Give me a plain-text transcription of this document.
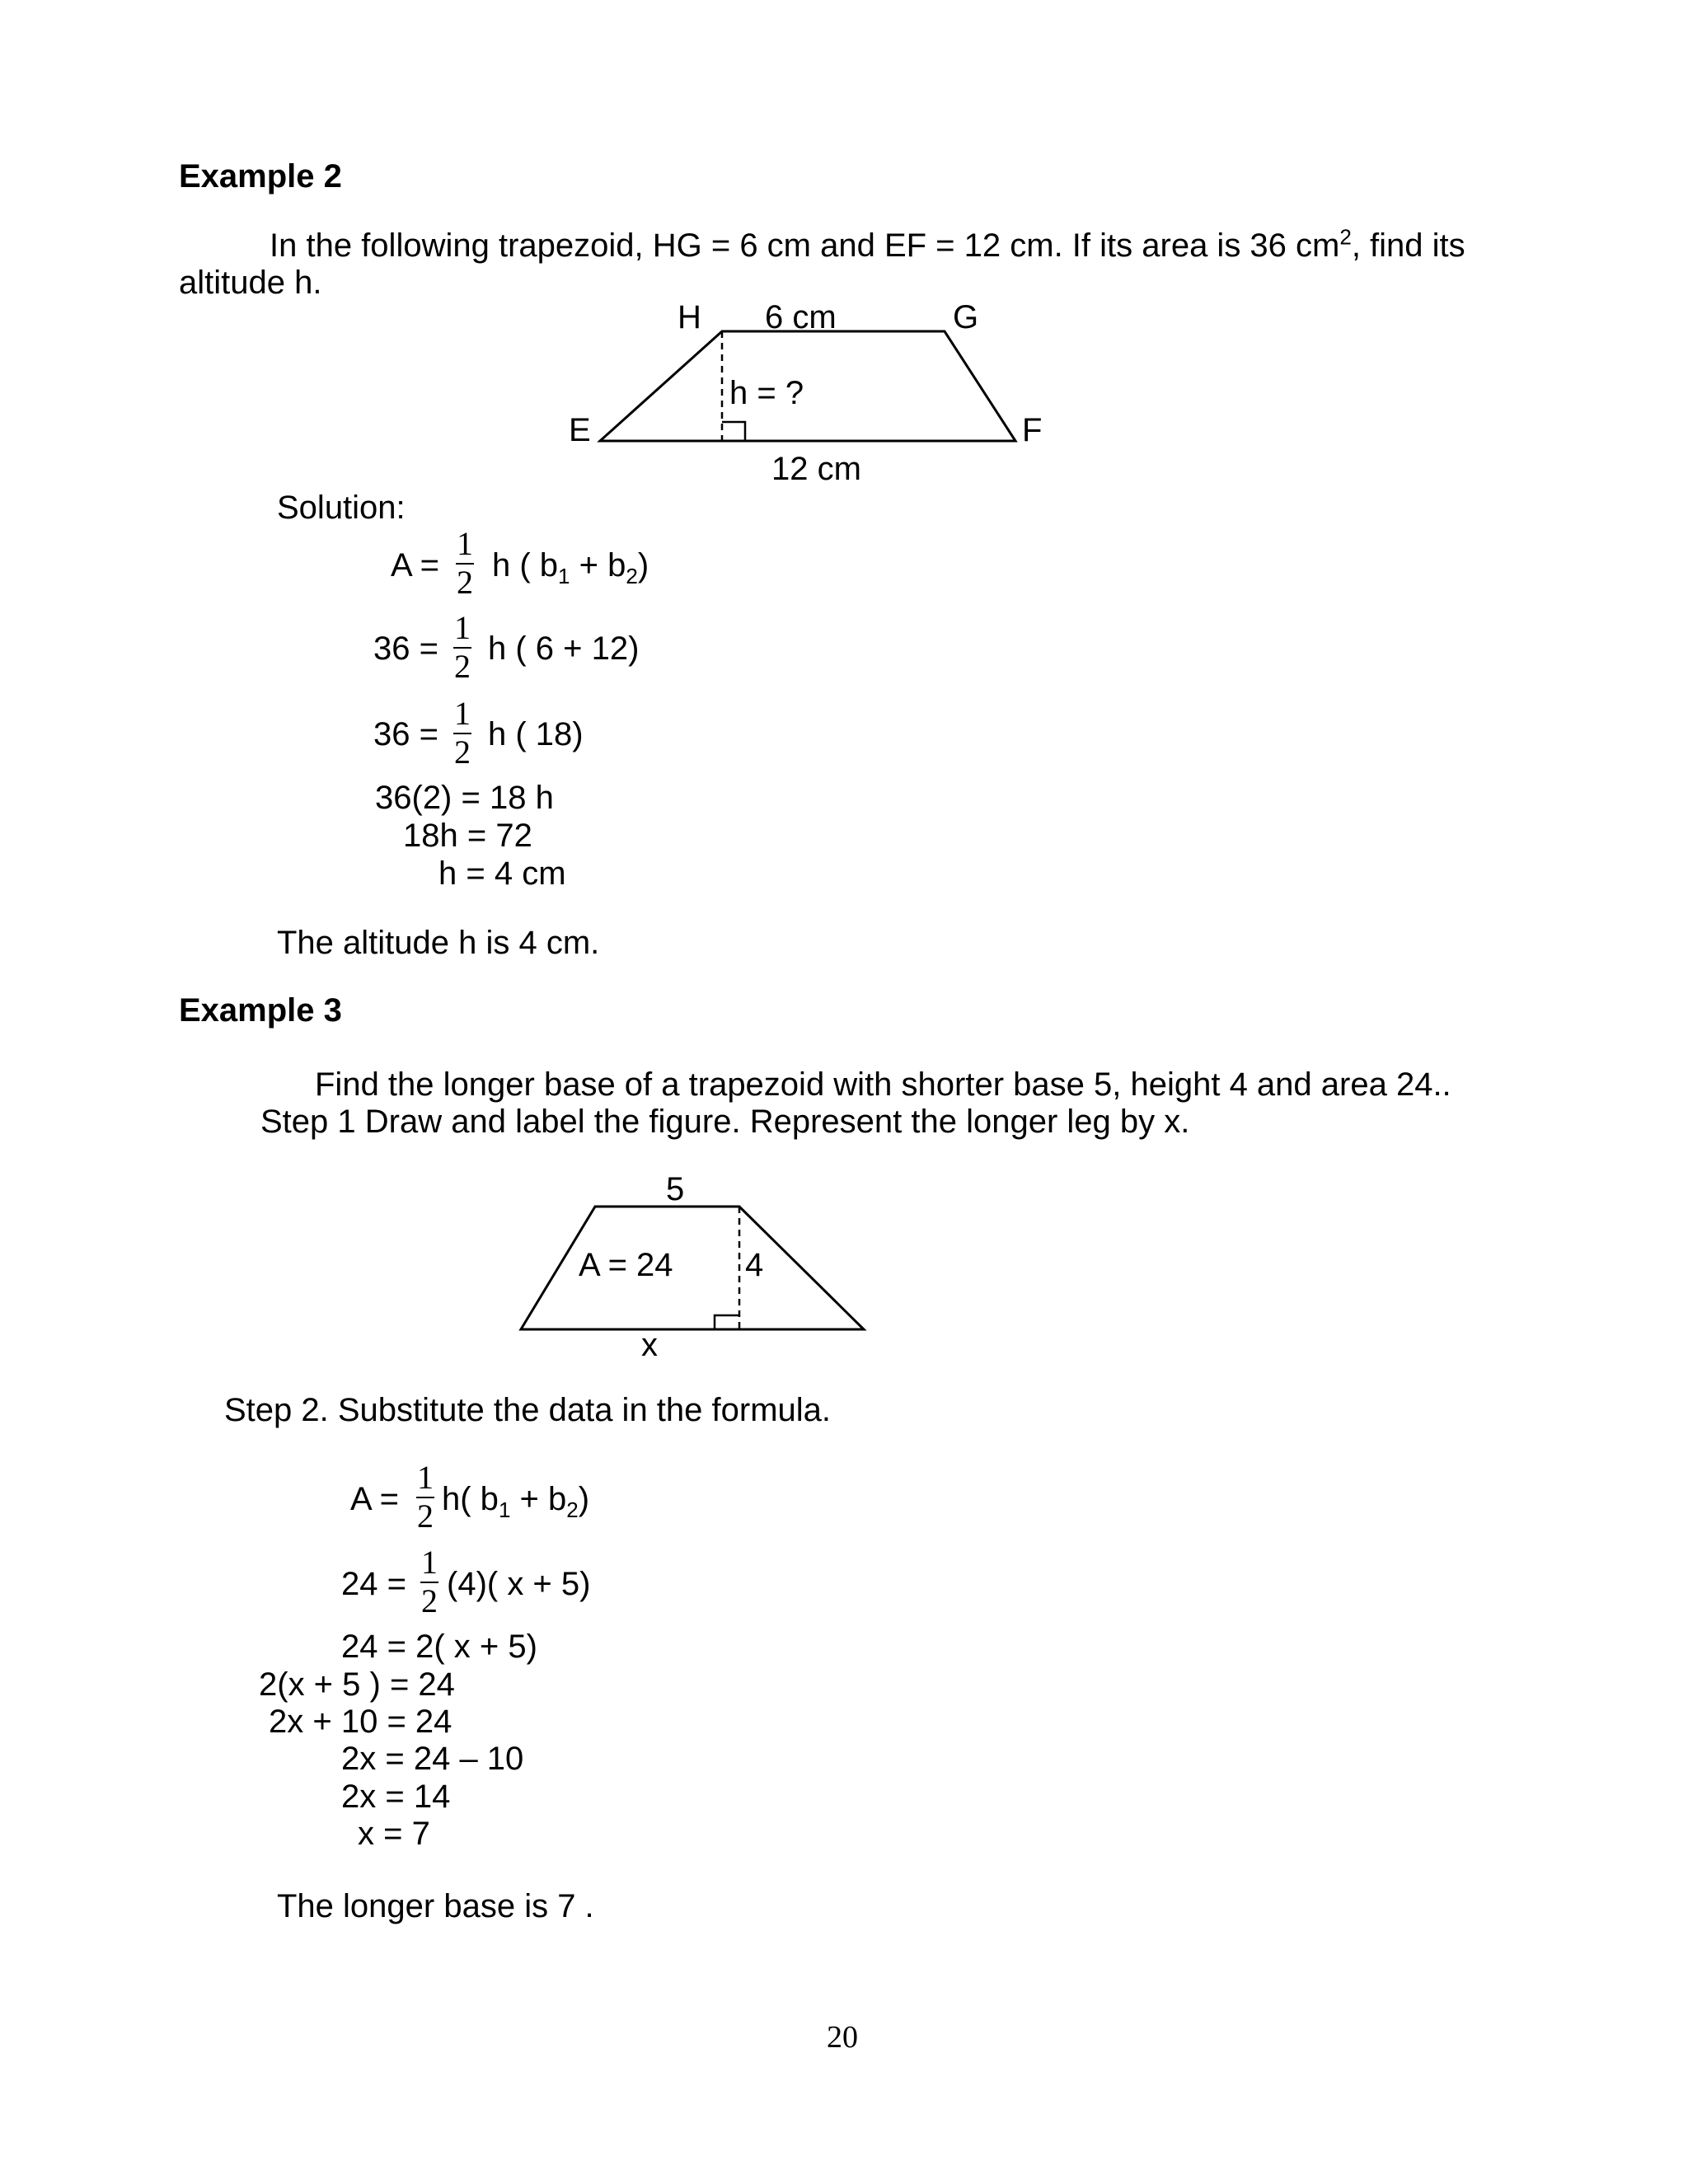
Example 2
In the following trapezoid, HG = 6 cm and EF = 12 cm. If its area is 36 $cm^2$, find its
altitude h.
H	G
E	F
6 cm
h = ?
12 cm
Solution:
A =
1
2 h ( $b_1 + b_2$)
36 =
1
2 h ( 6 + 12)
36 =
1
2 h ( 18)
36(2) = 18 h
18h = 72
h = 4 cm
The altitude h is 4 cm.
Example 3
Find the longer base of a trapezoid with shorter base 5, height 4 and area 24..
Step 1 Draw and label the figure. Represent the longer leg by x.
5
A = 24 4
x
Step 2. Substitute the data in the formula.
A =
1
2 h( $b_1 + b_2$)
24 =
1
2 (4)( x + 5)
24 = 2( x + 5)
2(x + 5 ) = 24
2x + 10 = 24
2x = 24 – 10
2x = 14
x = 7
The longer base is 7 .
20
